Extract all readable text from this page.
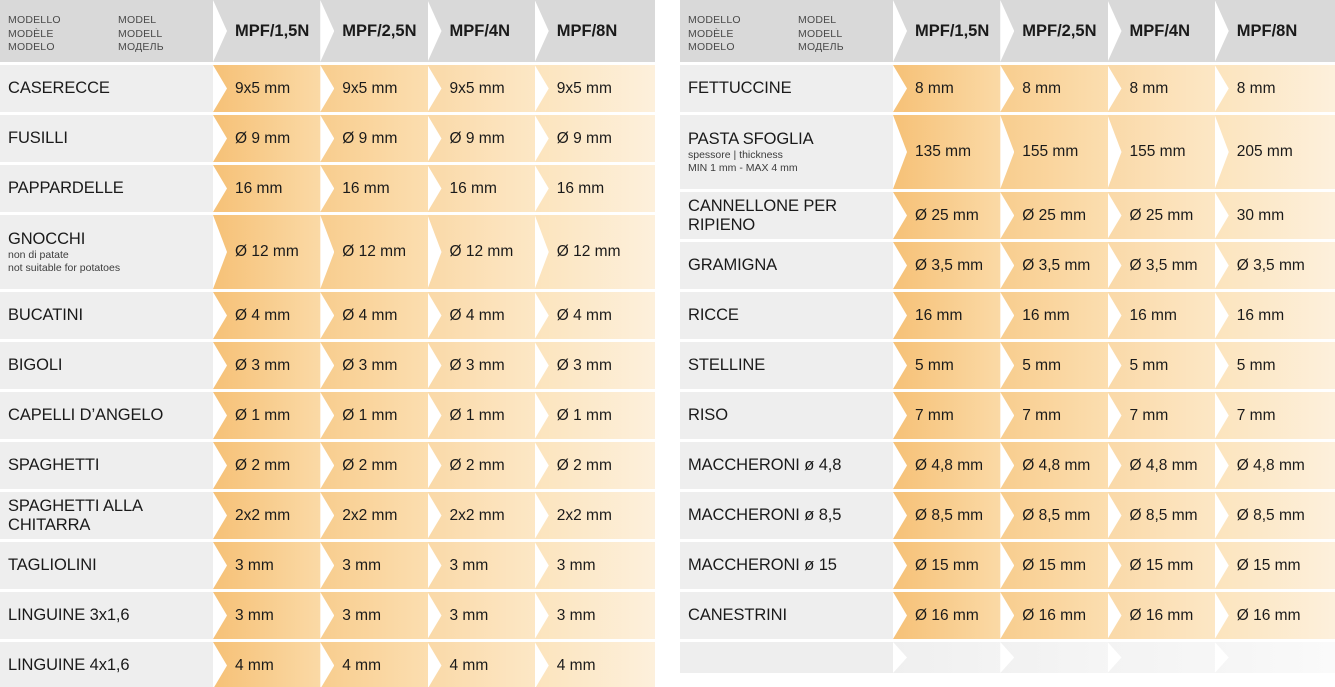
MODELLO
MODÈLE
MODELO
MODEL
MODELL
МОДЕЛЬ
MPF/1,5N	MPF/2,5N	MPF/4N	MPF/8N
CASERECCE	9x5 mm	9x5 mm	9x5 mm	9x5 mm
FUSILLI	Ø 9 mm	Ø 9 mm	Ø 9 mm	Ø 9 mm
PAPPARDELLE	16 mm	16 mm	16 mm	16 mm
GNOCCHI
non di patate
not suitable for potatoes
Ø 12 mm	Ø 12 mm	Ø 12 mm	Ø 12 mm
BUCATINI	Ø 4 mm	Ø 4 mm	Ø 4 mm	Ø 4 mm
BIGOLI	Ø 3 mm	Ø 3 mm	Ø 3 mm	Ø 3 mm
CAPELLI D’ANGELO	Ø 1 mm	Ø 1 mm	Ø 1 mm	Ø 1 mm
SPAGHETTI	Ø 2 mm	Ø 2 mm	Ø 2 mm	Ø 2 mm
SPAGHETTI ALLA CHITARRA
2x2 mm	2x2 mm	2x2 mm	2x2 mm
TAGLIOLINI	3 mm	3 mm	3 mm	3 mm
LINGUINE 3x1,6	3 mm	3 mm	3 mm	3 mm
LINGUINE 4x1,6	4 mm	4 mm	4 mm	4 mm
MODELLO
MODÈLE
MODELO
MODEL
MODELL
МОДЕЛЬ
MPF/1,5N	MPF/2,5N	MPF/4N	MPF/8N
FETTUCCINE	8 mm	8 mm	8 mm	8 mm
PASTA SFOGLIA
spessore | thickness
MIN 1 mm - MAX 4 mm
135 mm	155 mm	155 mm	205 mm
CANNELLONE PER RIPIENO
Ø 25 mm	Ø 25 mm	Ø 25 mm	30 mm
GRAMIGNA	Ø 3,5 mm	Ø 3,5 mm	Ø 3,5 mm	Ø 3,5 mm
RICCE	16 mm	16 mm	16 mm	16 mm
STELLINE	5 mm	5 mm	5 mm	5 mm
RISO	7 mm	7 mm	7 mm	7 mm
MACCHERONI ø 4,8	Ø 4,8 mm	Ø 4,8 mm	Ø 4,8 mm	Ø 4,8 mm
MACCHERONI ø 8,5	Ø 8,5 mm	Ø 8,5 mm	Ø 8,5 mm	Ø 8,5 mm
MACCHERONI ø 15	Ø 15 mm	Ø 15 mm	Ø 15 mm	Ø 15 mm
CANESTRINI	Ø 16 mm	Ø 16 mm	Ø 16 mm	Ø 16 mm
